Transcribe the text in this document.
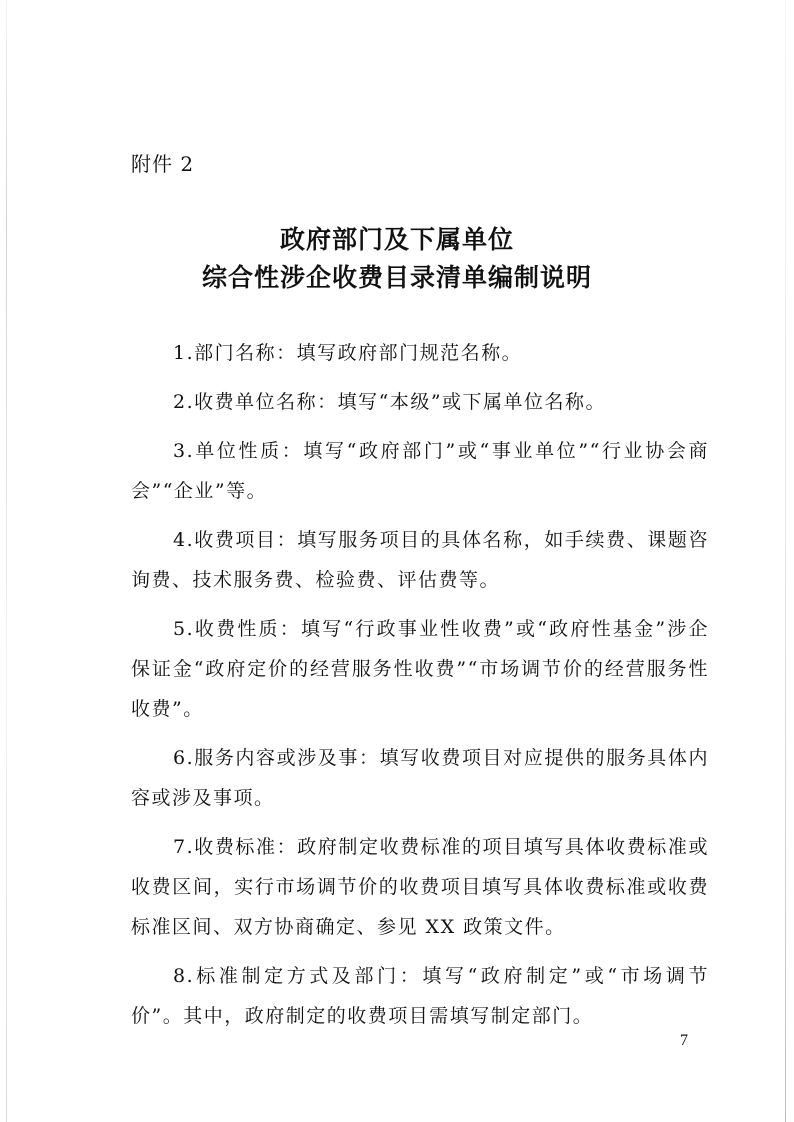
附件 2
政府部门及下属单位
综合性涉企收费目录清单编制说明

1.部门名称：填写政府部门规范名称。

2.收费单位名称：填写“本级”或下属单位名称。

3.单位性质：填写“政府部门”或“事业单位”“行业协会商会”“企业”等。

4.收费项目：填写服务项目的具体名称，如手续费、课题咨询费、技术服务费、检验费、评估费等。

5.收费性质：填写“行政事业性收费”或“政府性基金”涉企保证金“政府定价的经营服务性收费”“市场调节价的经营服务性收费”。

6.服务内容或涉及事：填写收费项目对应提供的服务具体内容或涉及事项。

7.收费标准：政府制定收费标准的项目填写具体收费标准或收费区间，实行市场调节价的收费项目填写具体收费标准或收费标准区间、双方协商确定、参见 XX 政策文件。

8.标准制定方式及部门：填写“政府制定”或“市场调节价”。其中，政府制定的收费项目需填写制定部门。

7
